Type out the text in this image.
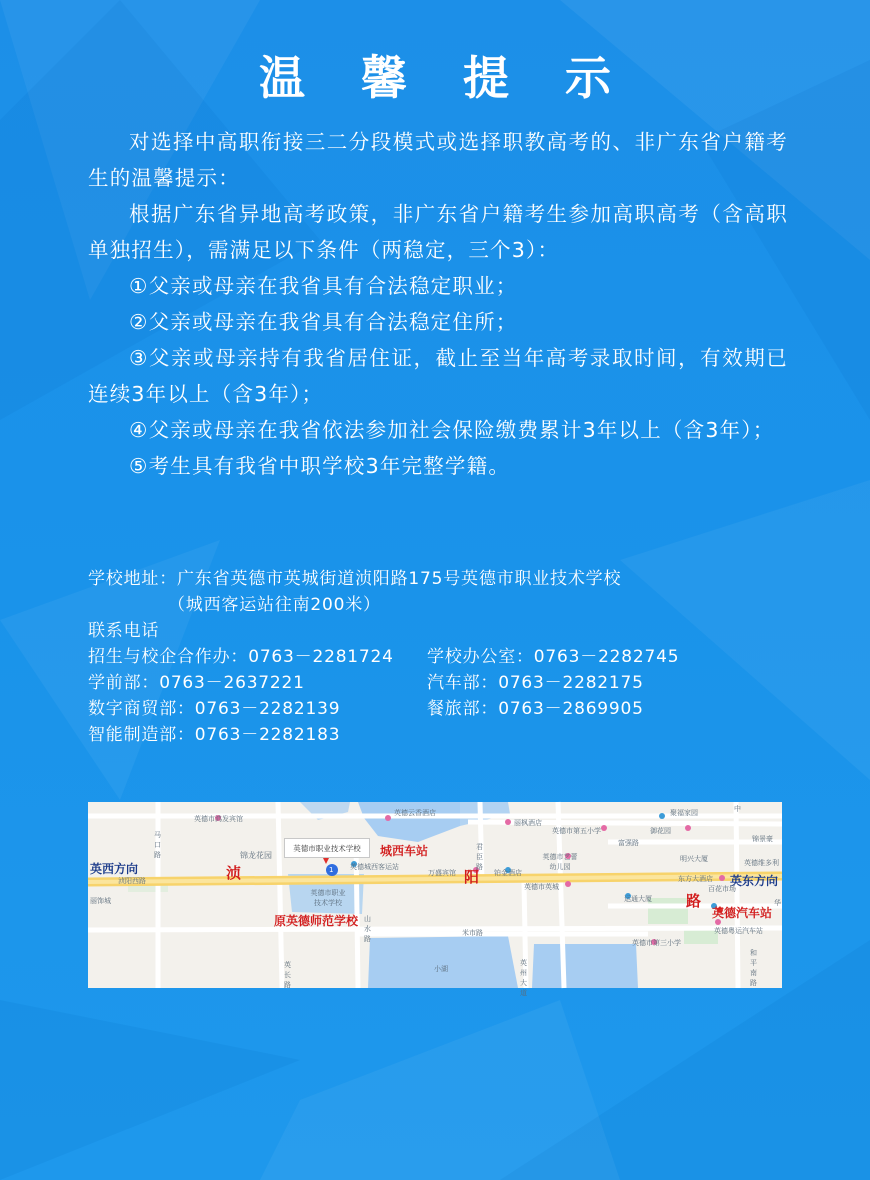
温 馨 提 示

对选择中高职衔接三二分段模式或选择职教高考的、非广东省户籍考生的温馨提示：

根据广东省异地高考政策，非广东省户籍考生参加高职高考（含高职单独招生），需满足以下条件（两稳定，三个3）：

①父亲或母亲在我省具有合法稳定职业；

②父亲或母亲在我省具有合法稳定住所；

③父亲或母亲持有我省居住证，截止至当年高考录取时间，有效期已连续3年以上（含3年）；

④父亲或母亲在我省依法参加社会保险缴费累计3年以上（含3年）；

⑤考生具有我省中职学校3年完整学籍。

学校地址：广东省英德市英城街道浈阳路175号英德市职业技术学校
（城西客运站往南200米）
联系电话
招生与校企合作办：0763－2281724	学校办公室：0763－2282745
学前部：0763－2637221	汽车部：0763－2282175
数字商贸部：0763－2282139	餐旅部：0763－2869905
智能制造部：0763－2282183
英德市职业技术学校
1
英西方向
英东方向
浈	阳
路
城西车站
英德汽车站
原英德师范学校
英德市鸿发宾馆
马口路	锦龙花园
浈阳西路
丽饰城
英德城西客运站
英德市职业技术学校
英德云香酒店
丽枫酒店
君臣路
万盛宾馆	铂金酒店
英德市英城
英德市第五小学
英德市艺蕾幼儿园
富强路
御花园
聚福家园
明兴大厦
东方大酒店
百花市场
英德维多利
锦景豪
运通大厦
英德粤运汽车站
英德市第三小学
米市路
山水路
英长路
英州大道
小湖
和平南路
中
华
